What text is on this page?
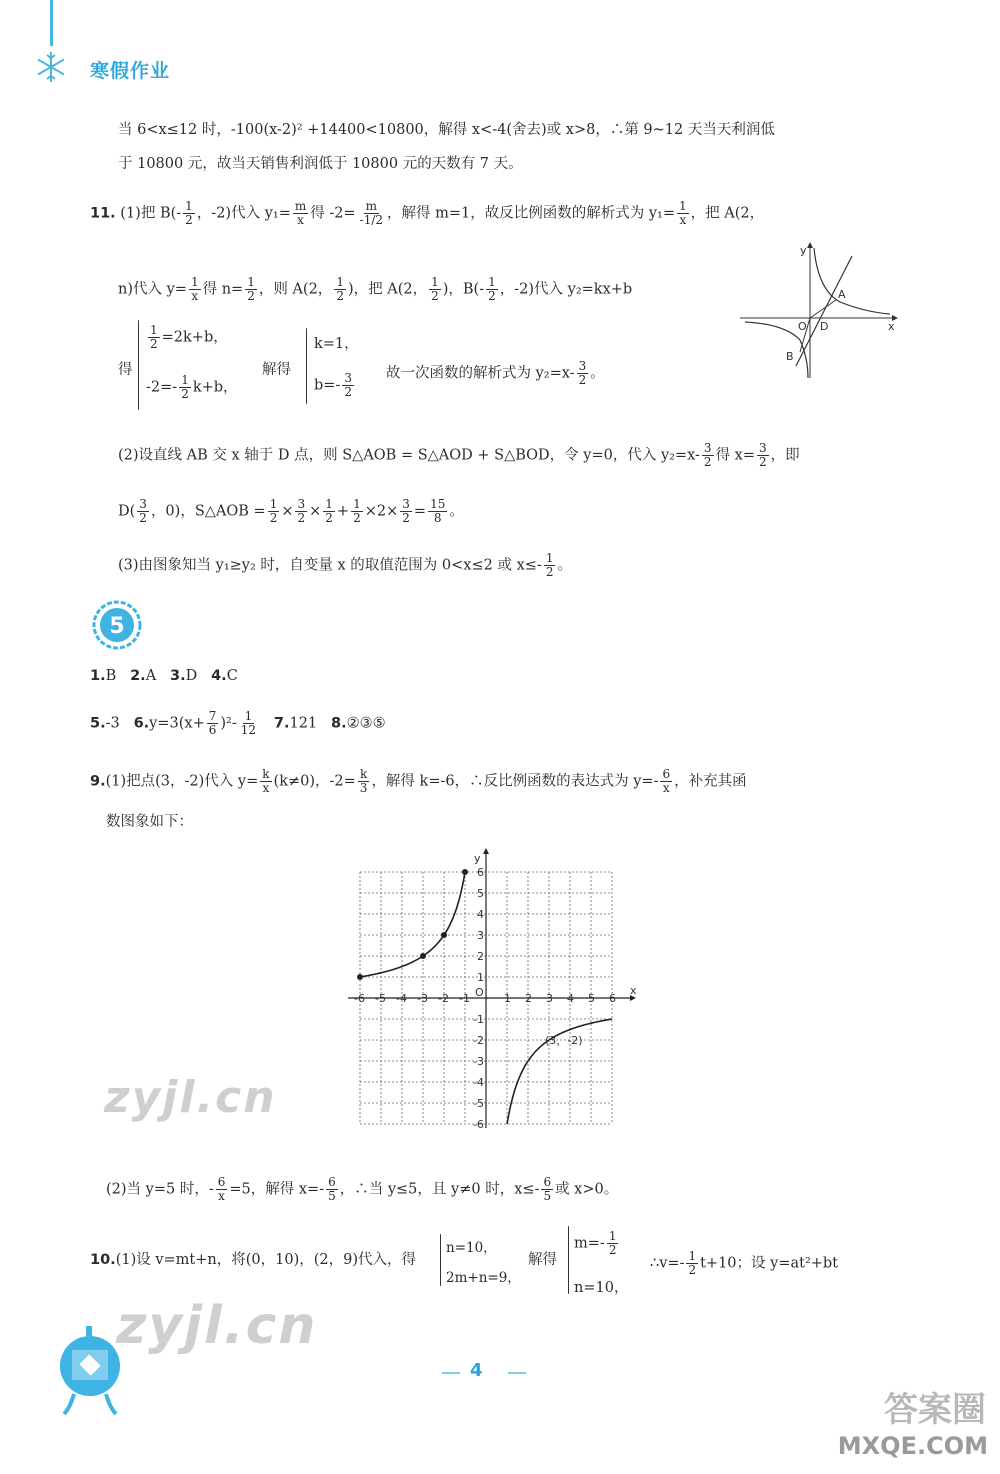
寒假作业
当 6<x≤12 时，-100(x-2)² +14400<10800，解得 x<-4(舍去)或 x>8，∴第 9~12 天当天利润低
于 10800 元，故当天销售利润低于 10800 元的天数有 7 天。
11. (1)把 $B(- \frac{1}{2}$ ，-2)代入 $y_1= \frac{m}{x}$ 得 $-2= \frac{m}{-1/2}$ ，解得 m=1，故反比例函数的解析式为 $y_1= \frac{1}{x}$ ，把 A(2，
n)代入 $y= \frac{1}{x}$ 得 $n= \frac{1}{2}$ ，则 A(2， $\frac{1}{2}$ )，把 A(2， $\frac{1}{2}$ )，$B(- \frac{1}{2}$ ，-2)代入 y₂=kx+b
y
x
O
A
B
D
得
$\frac{1}{2} =2k+b$，
$-2=- \frac{1}{2} k+b$，
解得
k=1，
$b=- \frac{3}{2}$ 故一次函数的解析式为 $y_2=x- \frac{3}{2}$ 。
(2)设直线 AB 交 x 轴于 D 点，则 S△AOB = S△AOD + S△BOD，令 y=0，代入 $y_2=x- \frac{3}{2}$ 得 $x= \frac{3}{2}$ ，即
$D( \frac{3}{2}$ ，0)，S△AOB = $\frac{1}{2} \times \frac{3}{2} \times \frac{1}{2} + \frac{1}{2} \times 2\times \frac{3}{2} = \frac{15}{8}$ 。
(3)由图象知当 y₁≥y₂ 时，自变量 x 的取值范围为 0<x≤2 或 $x\le- \frac{1}{2}$ 。
5
1.B 2.A 3.D 4.C
5.-3 $6.y=3(x+ \frac{7}{6} )^2- \frac{1}{12} 7.121$ 8.②③⑤
9.(1)把点(3，-2)代入 $y= \frac{k}{x} (k\ne 0)$，$-2= \frac{k}{3}$ ，解得 k=-6，∴反比例函数的表达式为 $y=- \frac{6}{x}$ ，补充其函
数图象如下：
x
y
O
-6 -5 -4 -3 -2 -1	1 2 3 4 5 6
6
5
4
3
2
1
-1
-2
-3
-4
-5
-6
(3，-2)
zyjl.cn
(2)当 y=5 时，- $\frac{6}{x} =5$，解得 $x=- \frac{6}{5}$ ，∴当 y≤5，且 y≠0 时，$x\le- \frac{6}{5}$ 或 x>0。
10.(1)设 v=mt+n，将(0，10)，(2，9)代入，得
n=10，
2m+n=9，
解得
$m=- \frac{1}{2}$
n=10，
∴v=- $\frac{1}{2} t+10$；设 y=at²+bt
zyjl.cn
4
答案圈
MXQE.COM
